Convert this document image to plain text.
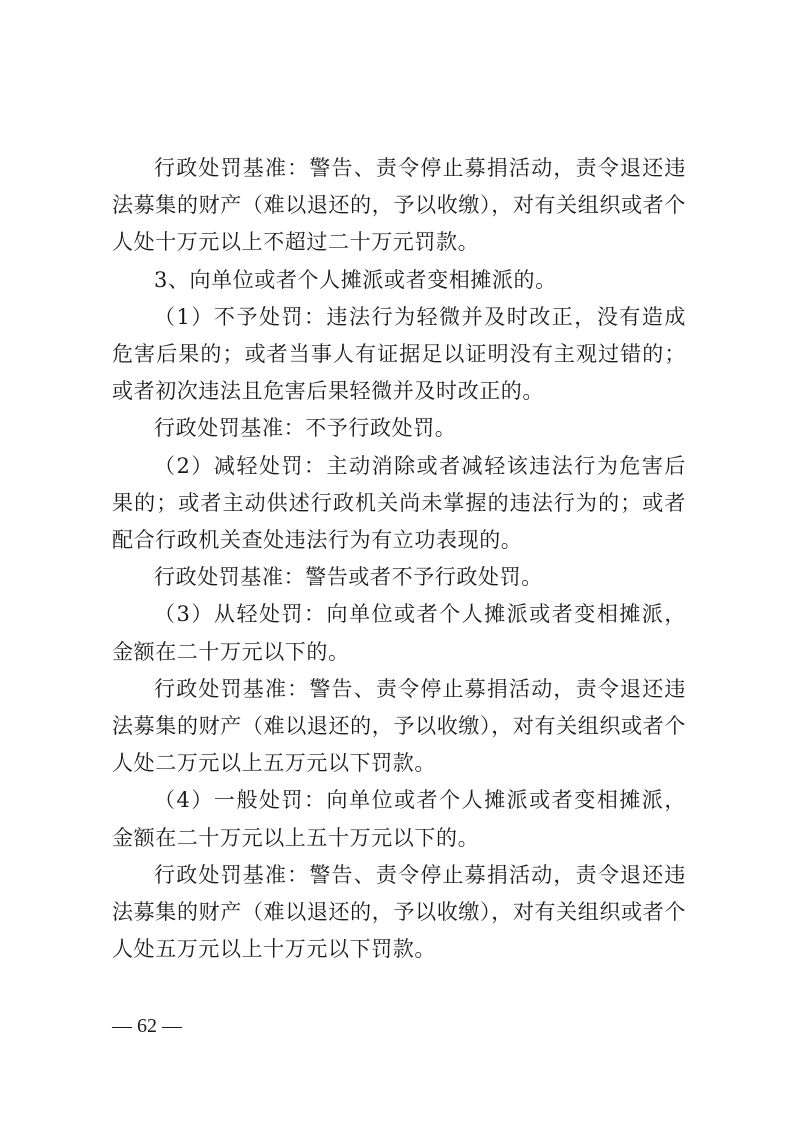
行政处罚基准：警告、责令停止募捐活动，责令退还违法募集的财产（难以退还的，予以收缴），对有关组织或者个人处十万元以上不超过二十万元罚款。

3、向单位或者个人摊派或者变相摊派的。

（1）不予处罚：违法行为轻微并及时改正，没有造成危害后果的；或者当事人有证据足以证明没有主观过错的；或者初次违法且危害后果轻微并及时改正的。

行政处罚基准：不予行政处罚。

（2）减轻处罚：主动消除或者减轻该违法行为危害后果的；或者主动供述行政机关尚未掌握的违法行为的；或者配合行政机关查处违法行为有立功表现的。

行政处罚基准：警告或者不予行政处罚。

（3）从轻处罚：向单位或者个人摊派或者变相摊派，金额在二十万元以下的。

行政处罚基准：警告、责令停止募捐活动，责令退还违法募集的财产（难以退还的，予以收缴），对有关组织或者个人处二万元以上五万元以下罚款。

（4）一般处罚：向单位或者个人摊派或者变相摊派，金额在二十万元以上五十万元以下的。

行政处罚基准：警告、责令停止募捐活动，责令退还违法募集的财产（难以退还的，予以收缴），对有关组织或者个人处五万元以上十万元以下罚款。

— 62 —
